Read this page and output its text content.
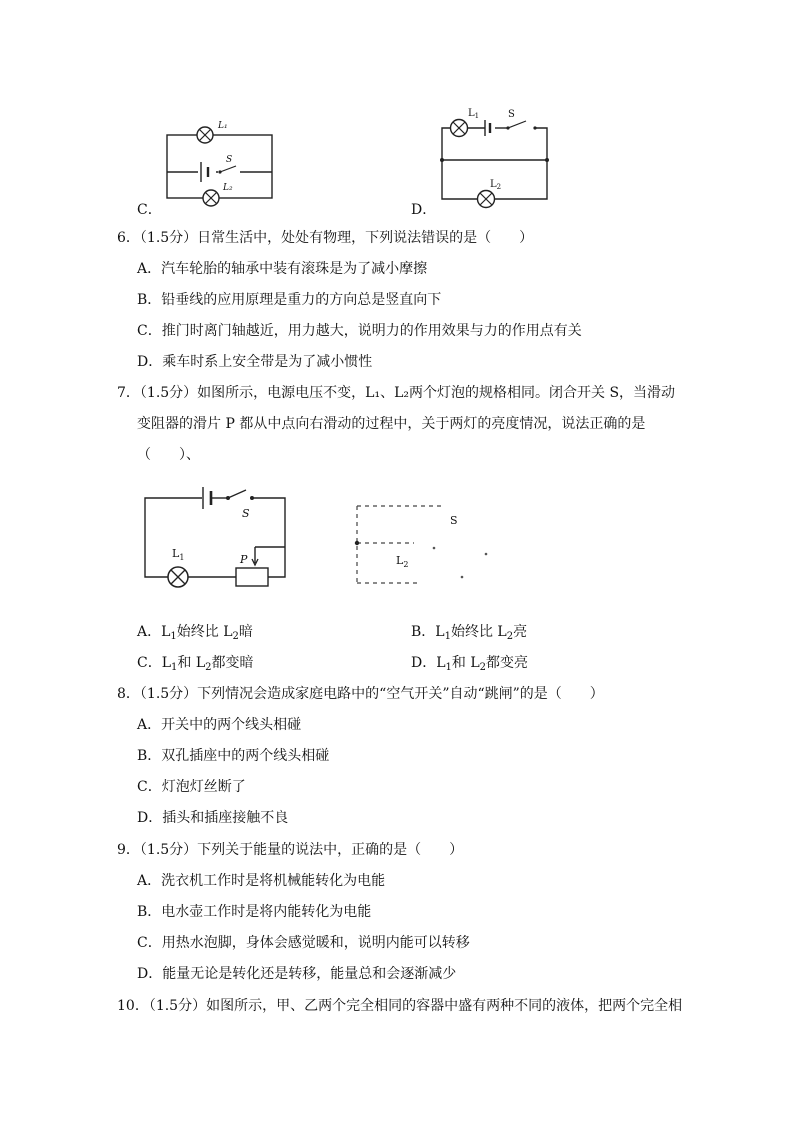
C．
L₁
S
L₂
D．
$L_1$	S
$L_2$
6．（1.5分）日常生活中，处处有物理，下列说法错误的是（　　）
A．汽车轮胎的轴承中装有滚珠是为了减小摩擦
B．铅垂线的应用原理是重力的方向总是竖直向下
C．推门时离门轴越近，用力越大，说明力的作用效果与力的作用点有关
D．乘车时系上安全带是为了减小惯性
7．（1.5分）如图所示，电源电压不变，L₁、L₂两个灯泡的规格相同。闭合开关 S，当滑动
变阻器的滑片 P 都从中点向右滑动的过程中，关于两灯的亮度情况，说法正确的是
（　　）、
S
$L_1$	P
S
$L_2$
A．$L_1$始终比 $L_2$暗	B．$L_1$始终比 $L_2$亮
C．$L_1$和 $L_2$都变暗	D．$L_1$和 $L_2$都变亮
8．（1.5分）下列情况会造成家庭电路中的“空气开关”自动“跳闸”的是（　　）
A．开关中的两个线头相碰
B．双孔插座中的两个线头相碰
C．灯泡灯丝断了
D．插头和插座接触不良
9．（1.5分）下列关于能量的说法中，正确的是（　　）
A．洗衣机工作时是将机械能转化为电能
B．电水壶工作时是将内能转化为电能
C．用热水泡脚，身体会感觉暖和，说明内能可以转移
D．能量无论是转化还是转移，能量总和会逐渐减少
10．（1.5分）如图所示，甲、乙两个完全相同的容器中盛有两种不同的液体，把两个完全相
